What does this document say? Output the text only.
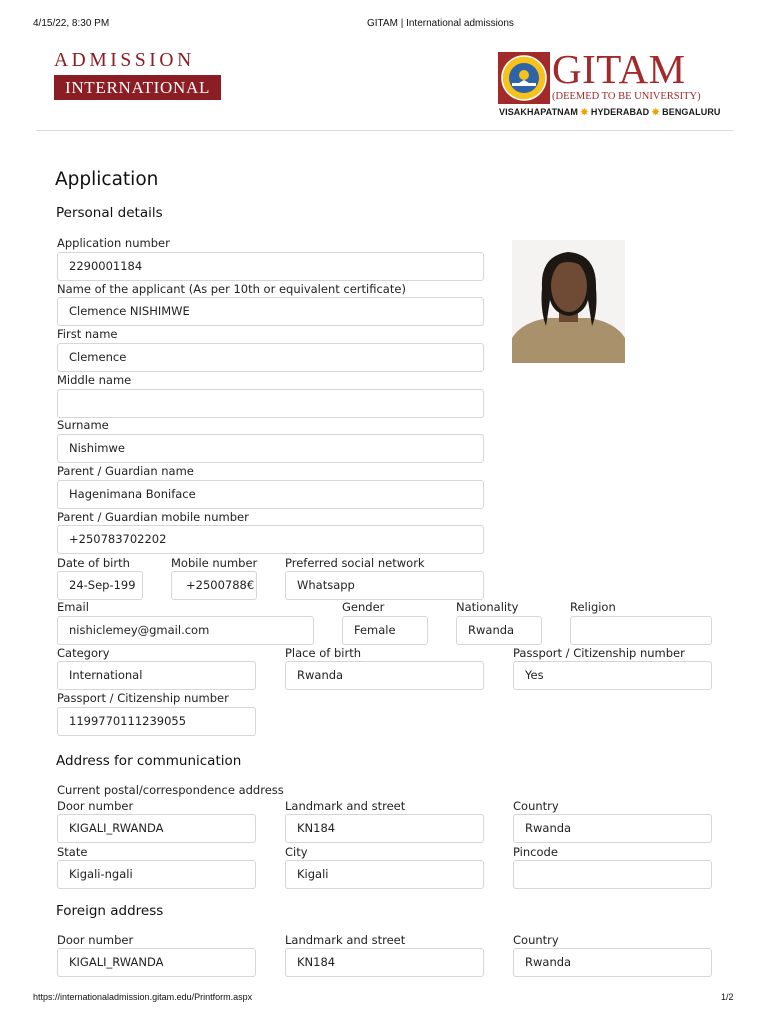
4/15/22, 8:30 PM	GITAM | International admissions
https://internationaladmission.gitam.edu/Printform.aspx	1/2
ADMISSION
INTERNATIONAL	GITAM
(DEEMED TO BE UNIVERSITY)
VISAKHAPATNAM ✸ HYDERABAD ✸ BENGALURU
Application
Personal details
Application number
2290001184
Name of the applicant (As per 10th or equivalent certificate)
Clemence NISHIMWE
First name
Clemence
Middle name
Surname
Nishimwe
Parent / Guardian name
Hagenimana Boniface
Parent / Guardian mobile number
+250783702202
Date of birth
24-Sep-199
Mobile number
+2500788€
Preferred social network
Whatsapp
Email
nishiclemey@gmail.com
Gender
Female
Nationality
Rwanda
Religion
Category
International
Place of birth
Rwanda
Passport / Citizenship number
Yes
Passport / Citizenship number
1199770111239055
Address for communication
Current postal/correspondence address
Door number
KIGALI_RWANDA
Landmark and street
KN184
Country
Rwanda
State
Kigali-ngali
City
Kigali
Pincode
Foreign address
Door number
KIGALI_RWANDA
Landmark and street
KN184
Country
Rwanda
